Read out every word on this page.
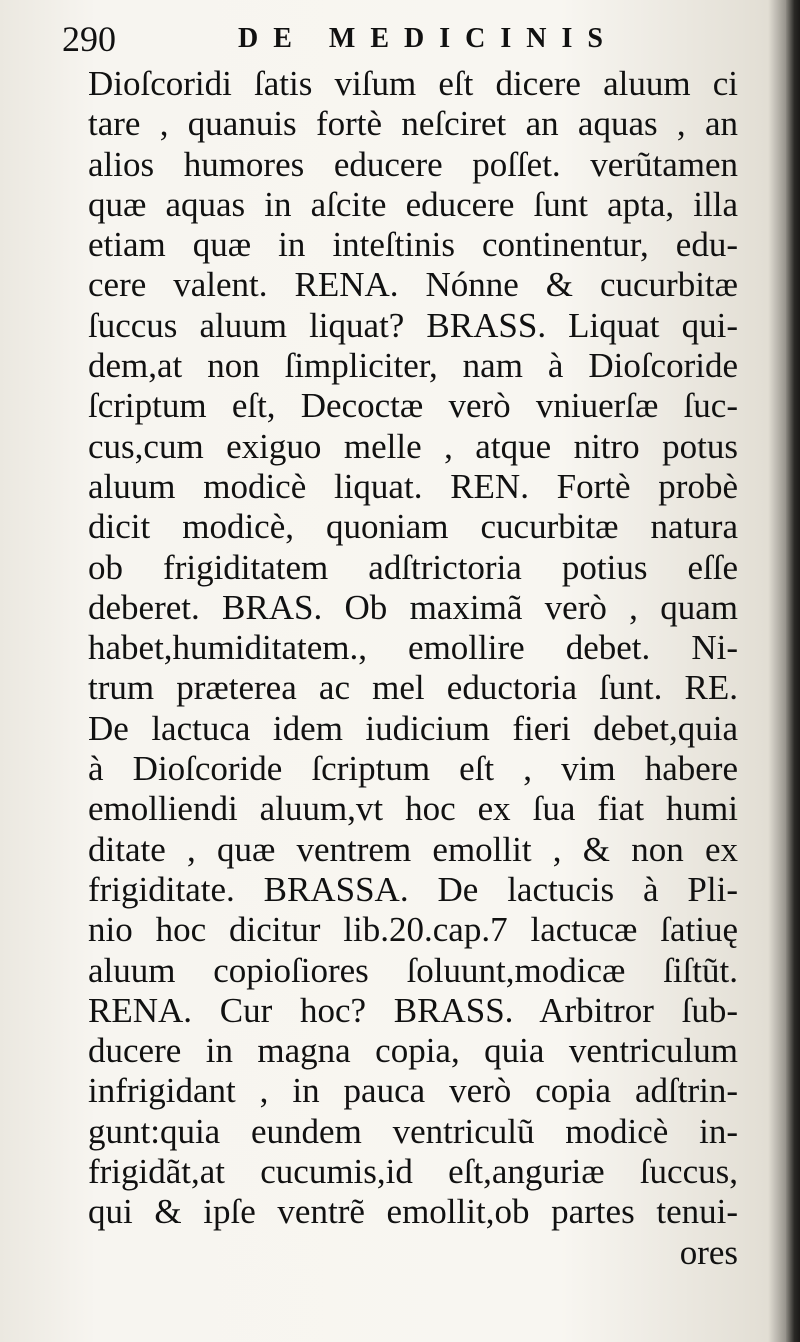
290	DE MEDICINIS
Dioſcoridi ſatis viſum eſt dicere aluum ci
tare , quanuis fortè neſciret an aquas , an
alios humores educere poſſet. verũtamen
quæ aquas in aſcite educere ſunt apta, illa
etiam quæ in inteſtinis continentur, edu-
cere valent. RENA. Nónne & cucurbitæ
ſuccus aluum liquat? BRASS. Liquat qui-
dem,at non ſimpliciter, nam à Dioſcoride
ſcriptum eſt, Decoctæ verò vniuerſæ ſuc-
cus,cum exiguo melle , atque nitro potus
aluum modicè liquat. REN. Fortè probè
dicit modicè, quoniam cucurbitæ natura
ob frigiditatem adſtrictoria potius eſſe
deberet. BRAS. Ob maximã verò , quam
habet,humiditatem., emollire debet. Ni-
trum præterea ac mel eductoria ſunt. RE.
De lactuca idem iudicium fieri debet,quia
à Dioſcoride ſcriptum eſt , vim habere
emolliendi aluum,vt hoc ex ſua fiat humi
ditate , quæ ventrem emollit , & non ex
frigiditate. BRASSA. De lactucis à Pli-
nio hoc dicitur lib.20.cap.7 lactucæ ſatiuę
aluum copioſiores ſoluunt,modicæ ſiſtũt.
RENA. Cur hoc? BRASS. Arbitror ſub-
ducere in magna copia, quia ventriculum
infrigidant , in pauca verò copia adſtrin-
gunt:quia eundem ventriculũ modicè in-
frigidãt,at cucumis,id eſt,anguriæ ſuccus,
qui & ipſe ventrẽ emollit,ob partes tenui-
ores
